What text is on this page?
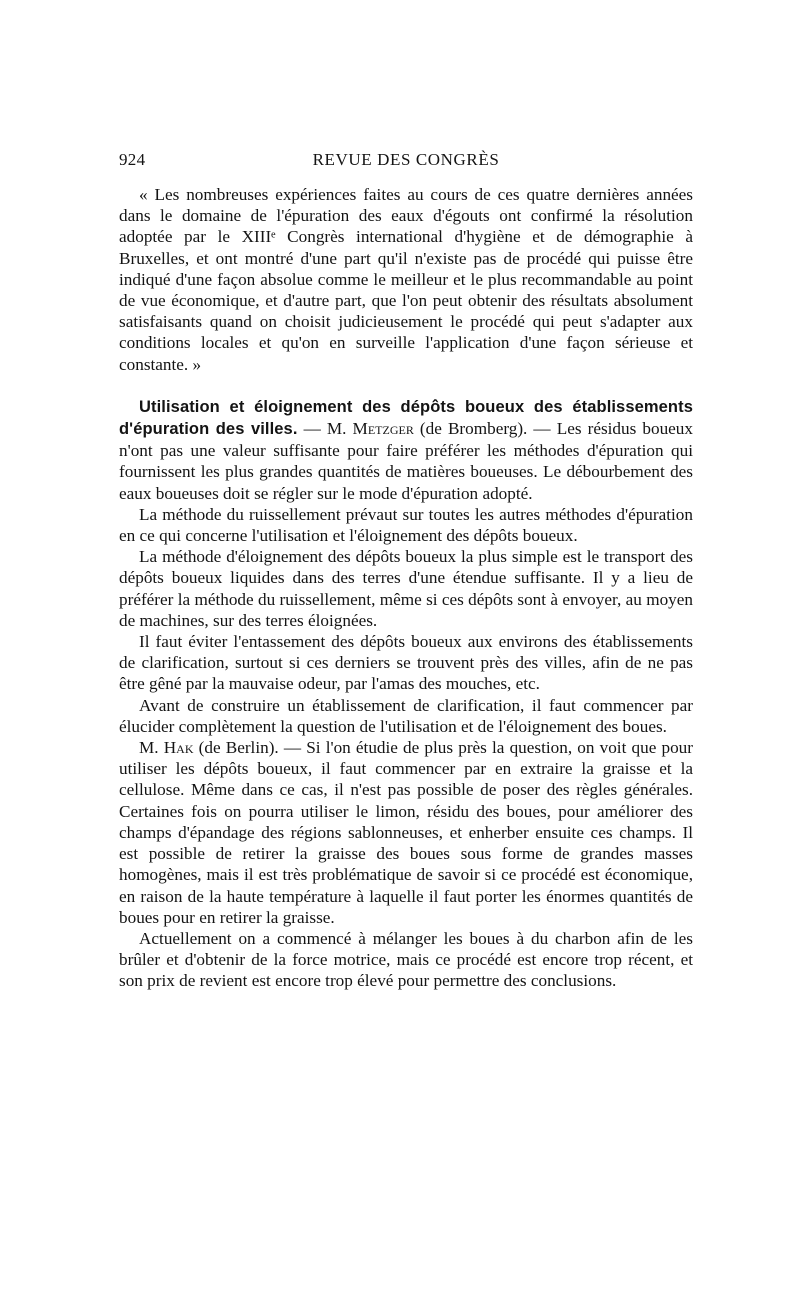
924	REVUE DES CONGRÈS

« Les nombreuses expériences faites au cours de ces quatre dernières années dans le domaine de l'épuration des eaux d'égouts ont confirmé la résolution adoptée par le XIIIᵉ Congrès international d'hygiène et de démographie à Bruxelles, et ont montré d'une part qu'il n'existe pas de procédé qui puisse être indiqué d'une façon absolue comme le meilleur et le plus recommandable au point de vue économique, et d'autre part, que l'on peut obtenir des résultats absolument satisfaisants quand on choisit judicieusement le procédé qui peut s'adapter aux conditions locales et qu'on en surveille l'application d'une façon sérieuse et constante. »

Utilisation et éloignement des dépôts boueux des établissements d'épuration des villes. — M. Metzger (de Bromberg). — Les résidus boueux n'ont pas une valeur suffisante pour faire préférer les méthodes d'épuration qui fournissent les plus grandes quantités de matières boueuses. Le débourbement des eaux boueuses doit se régler sur le mode d'épuration adopté.

La méthode du ruissellement prévaut sur toutes les autres méthodes d'épuration en ce qui concerne l'utilisation et l'éloignement des dépôts boueux.

La méthode d'éloignement des dépôts boueux la plus simple est le transport des dépôts boueux liquides dans des terres d'une étendue suffisante. Il y a lieu de préférer la méthode du ruissellement, même si ces dépôts sont à envoyer, au moyen de machines, sur des terres éloignées.

Il faut éviter l'entassement des dépôts boueux aux environs des établissements de clarification, surtout si ces derniers se trouvent près des villes, afin de ne pas être gêné par la mauvaise odeur, par l'amas des mouches, etc.

Avant de construire un établissement de clarification, il faut commencer par élucider complètement la question de l'utilisation et de l'éloignement des boues.

M. Hak (de Berlin). — Si l'on étudie de plus près la question, on voit que pour utiliser les dépôts boueux, il faut commencer par en extraire la graisse et la cellulose. Même dans ce cas, il n'est pas possible de poser des règles générales. Certaines fois on pourra utiliser le limon, résidu des boues, pour améliorer des champs d'épandage des régions sablonneuses, et enherber ensuite ces champs. Il est possible de retirer la graisse des boues sous forme de grandes masses homogènes, mais il est très problématique de savoir si ce procédé est économique, en raison de la haute température à laquelle il faut porter les énormes quantités de boues pour en retirer la graisse.

Actuellement on a commencé à mélanger les boues à du charbon afin de les brûler et d'obtenir de la force motrice, mais ce procédé est encore trop récent, et son prix de revient est encore trop élevé pour permettre des conclusions.
